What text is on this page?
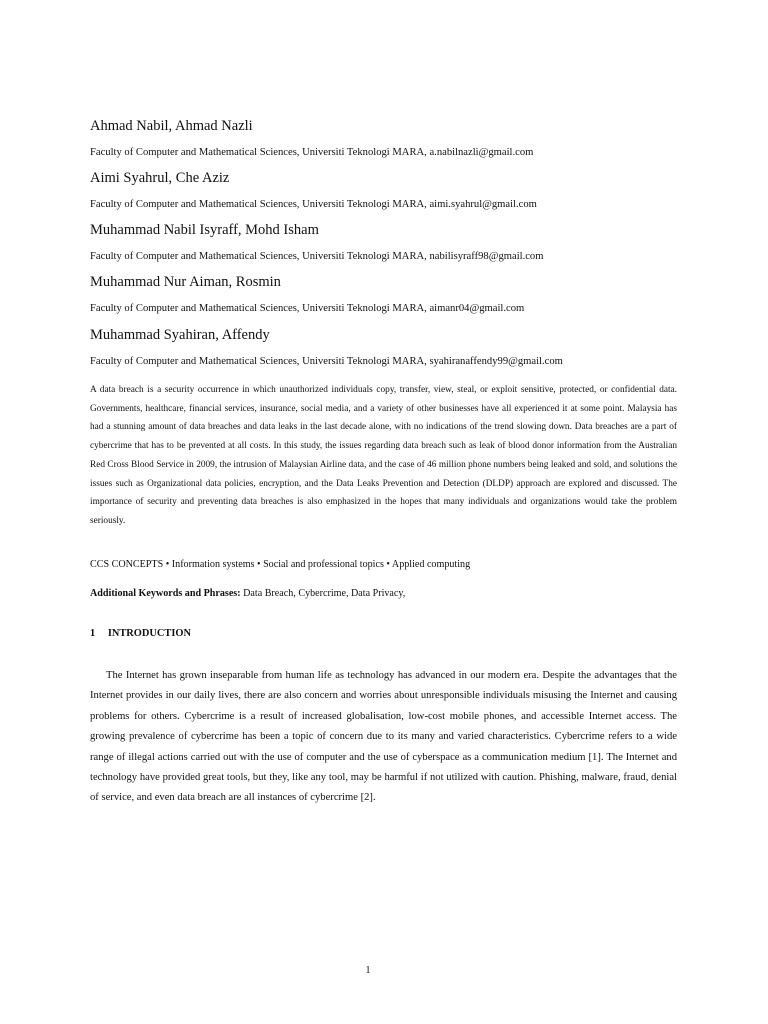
Ahmad Nabil, Ahmad Nazli
Faculty of Computer and Mathematical Sciences, Universiti Teknologi MARA, a.nabilnazli@gmail.com
Aimi Syahrul, Che Aziz
Faculty of Computer and Mathematical Sciences, Universiti Teknologi MARA, aimi.syahrul@gmail.com
Muhammad Nabil Isyraff, Mohd Isham
Faculty of Computer and Mathematical Sciences, Universiti Teknologi MARA, nabilisyraff98@gmail.com
Muhammad Nur Aiman, Rosmin
Faculty of Computer and Mathematical Sciences, Universiti Teknologi MARA, aimanr04@gmail.com
Muhammad Syahiran, Affendy
Faculty of Computer and Mathematical Sciences, Universiti Teknologi MARA, syahiranaffendy99@gmail.com

A data breach is a security occurrence in which unauthorized individuals copy, transfer, view, steal, or exploit sensitive, protected, or confidential data. Governments, healthcare, financial services, insurance, social media, and a variety of other businesses have all experienced it at some point. Malaysia has had a stunning amount of data breaches and data leaks in the last decade alone, with no indications of the trend slowing down. Data breaches are a part of cybercrime that has to be prevented at all costs. In this study, the issues regarding data breach such as leak of blood donor information from the Australian Red Cross Blood Service in 2009, the intrusion of Malaysian Airline data, and the case of 46 million phone numbers being leaked and sold, and solutions the issues such as Organizational data policies, encryption, and the Data Leaks Prevention and Detection (DLDP) approach are explored and discussed. The importance of security and preventing data breaches is also emphasized in the hopes that many individuals and organizations would take the problem seriously.

CCS CONCEPTS • Information systems • Social and professional topics • Applied computing
Additional Keywords and Phrases: Data Breach, Cybercrime, Data Privacy,
1 INTRODUCTION

The Internet has grown inseparable from human life as technology has advanced in our modern era. Despite the advantages that the Internet provides in our daily lives, there are also concern and worries about unresponsible individuals misusing the Internet and causing problems for others. Cybercrime is a result of increased globalisation, low-cost mobile phones, and accessible Internet access. The growing prevalence of cybercrime has been a topic of concern due to its many and varied characteristics. Cybercrime refers to a wide range of illegal actions carried out with the use of computer and the use of cyberspace as a communication medium [1]. The Internet and technology have provided great tools, but they, like any tool, may be harmful if not utilized with caution. Phishing, malware, fraud, denial of service, and even data breach are all instances of cybercrime [2].

1
